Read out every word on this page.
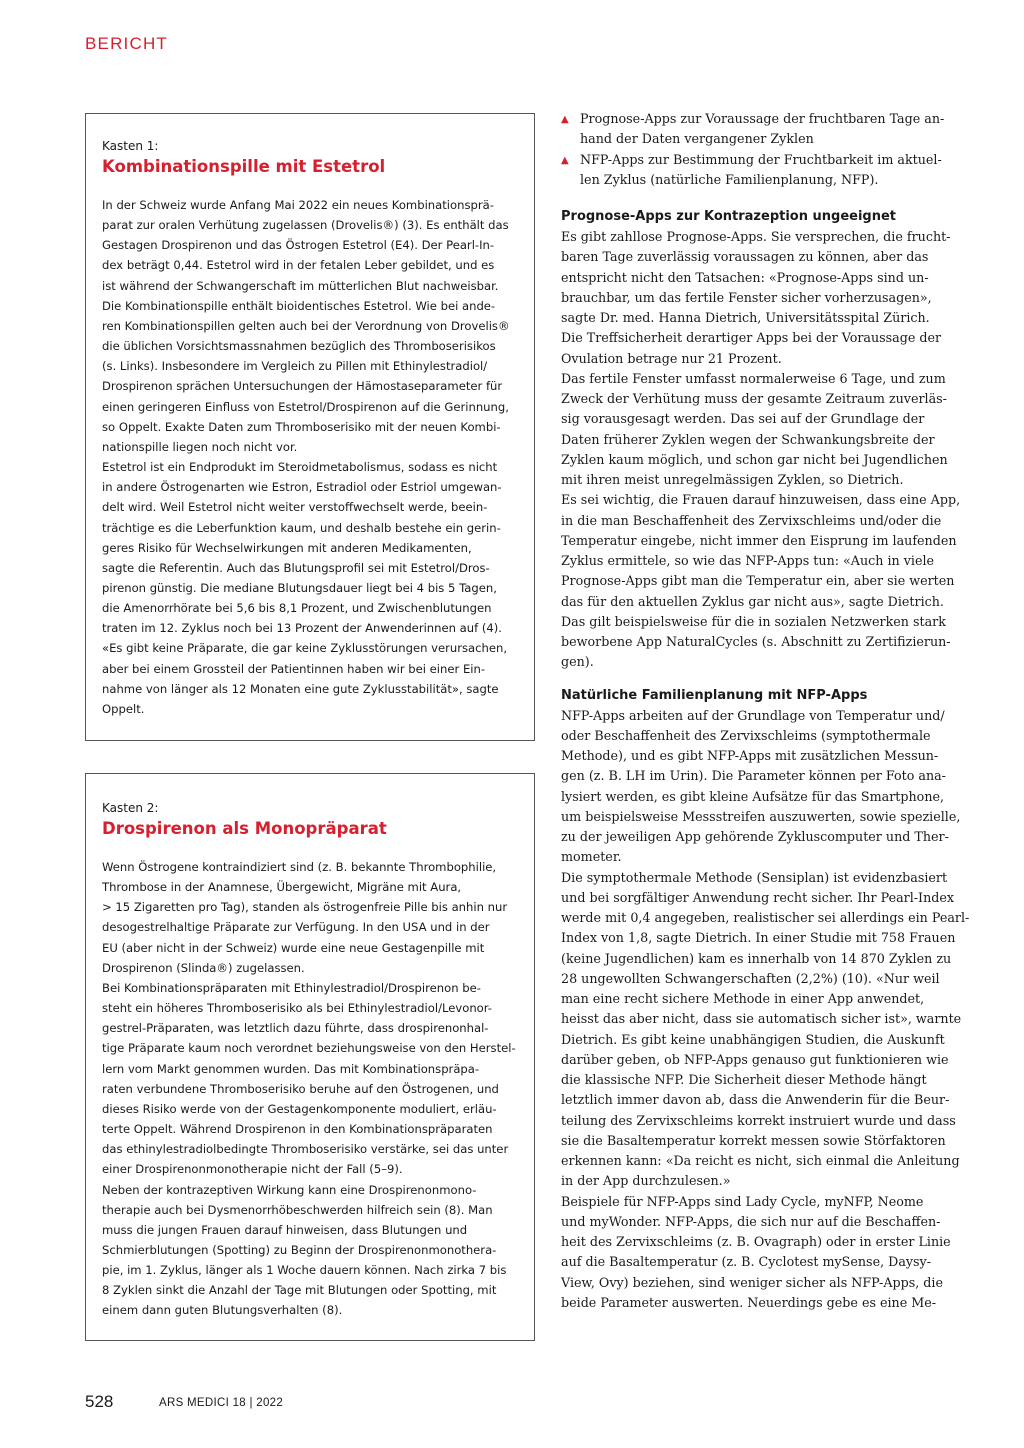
BERICHT
Kasten 1:
Kombinationspille mit Estetrol
In der Schweiz wurde Anfang Mai 2022 ein neues Kombinationsprä-
parat zur oralen Verhütung zugelassen (Drovelis®) (3). Es enthält das
Gestagen Drospirenon und das Östrogen Estetrol (E4). Der Pearl-In-
dex beträgt 0,44. Estetrol wird in der fetalen Leber gebildet, und es
ist während der Schwangerschaft im mütterlichen Blut nachweisbar.
Die Kombinationspille enthält bioidentisches Estetrol. Wie bei ande-
ren Kombinationspillen gelten auch bei der Verordnung von Drovelis®
die üblichen Vorsichtsmassnahmen bezüglich des Thromboserisikos
(s. Links). Insbesondere im Vergleich zu Pillen mit Ethinylestradiol/
Drospirenon sprächen Untersuchungen der Hämostaseparameter für
einen geringeren Einfluss von Estetrol/Drospirenon auf die Gerinnung,
so Oppelt. Exakte Daten zum Thromboserisiko mit der neuen Kombi-
nationspille liegen noch nicht vor.
Estetrol ist ein Endprodukt im Steroidmetabolismus, sodass es nicht
in andere Östrogenarten wie Estron, Estradiol oder Estriol umgewan-
delt wird. Weil Estetrol nicht weiter verstoffwechselt werde, beein-
trächtige es die Leberfunktion kaum, und deshalb bestehe ein gerin-
geres Risiko für Wechselwirkungen mit anderen Medikamenten,
sagte die Referentin. Auch das Blutungsprofil sei mit Estetrol/Dros-
pirenon günstig. Die mediane Blutungsdauer liegt bei 4 bis 5 Tagen,
die Amenorrhörate bei 5,6 bis 8,1 Prozent, und Zwischenblutungen
traten im 12. Zyklus noch bei 13 Prozent der Anwenderinnen auf (4).
«Es gibt keine Präparate, die gar keine Zyklusstörungen verursachen,
aber bei einem Grossteil der Patientinnen haben wir bei einer Ein-
nahme von länger als 12 Monaten eine gute Zyklusstabilität», sagte
Oppelt.
Kasten 2:
Drospirenon als Monopräparat
Wenn Östrogene kontraindiziert sind (z. B. bekannte Thrombophilie,
Thrombose in der Anamnese, Übergewicht, Migräne mit Aura,
> 15 Zigaretten pro Tag), standen als östrogenfreie Pille bis anhin nur
desogestrelhaltige Präparate zur Verfügung. In den USA und in der
EU (aber nicht in der Schweiz) wurde eine neue Gestagenpille mit
Drospirenon (Slinda®) zugelassen.
Bei Kombinationspräparaten mit Ethinylestradiol/Drospirenon be-
steht ein höheres Thromboserisiko als bei Ethinylestradiol/Levonor-
gestrel-Präparaten, was letztlich dazu führte, dass drospirenonhal-
tige Präparate kaum noch verordnet beziehungsweise von den Herstel-
lern vom Markt genommen wurden. Das mit Kombinationspräpa-
raten verbundene Thromboserisiko beruhe auf den Östrogenen, und
dieses Risiko werde von der Gestagenkomponente moduliert, erläu-
terte Oppelt. Während Drospirenon in den Kombinationspräparaten
das ethinylestradiolbedingte Thromboserisiko verstärke, sei das unter
einer Drospirenonmonotherapie nicht der Fall (5–9).
Neben der kontrazeptiven Wirkung kann eine Drospirenonmono-
therapie auch bei Dysmenorrhöbeschwerden hilfreich sein (8). Man
muss die jungen Frauen darauf hinweisen, dass Blutungen und
Schmierblutungen (Spotting) zu Beginn der Drospirenonmonothera-
pie, im 1. Zyklus, länger als 1 Woche dauern können. Nach zirka 7 bis
8 Zyklen sinkt die Anzahl der Tage mit Blutungen oder Spotting, mit
einem dann guten Blutungsverhalten (8).
▲ Prognose-Apps zur Voraussage der fruchtbaren Tage an-
hand der Daten vergangener Zyklen
▲ NFP-Apps zur Bestimmung der Fruchtbarkeit im aktuel-
len Zyklus (natürliche Familienplanung, NFP).
Prognose-Apps zur Kontrazeption ungeeignet
Es gibt zahllose Prognose-Apps. Sie versprechen, die frucht-
baren Tage zuverlässig voraussagen zu können, aber das
entspricht nicht den Tatsachen: «Prognose-Apps sind un-
brauchbar, um das fertile Fenster sicher vorherzusagen»,
sagte Dr. med. Hanna Dietrich, Universitätsspital Zürich.
Die Treffsicherheit derartiger Apps bei der Voraussage der
Ovulation betrage nur 21 Prozent.
Das fertile Fenster umfasst normalerweise 6 Tage, und zum
Zweck der Verhütung muss der gesamte Zeitraum zuverläs-
sig vorausgesagt werden. Das sei auf der Grundlage der
Daten früherer Zyklen wegen der Schwankungsbreite der
Zyklen kaum möglich, und schon gar nicht bei Jugendlichen
mit ihren meist unregelmässigen Zyklen, so Dietrich.
Es sei wichtig, die Frauen darauf hinzuweisen, dass eine App,
in die man Beschaffenheit des Zervixschleims und/oder die
Temperatur eingebe, nicht immer den Eisprung im laufenden
Zyklus ermittele, so wie das NFP-Apps tun: «Auch in viele
Prognose-Apps gibt man die Temperatur ein, aber sie werten
das für den aktuellen Zyklus gar nicht aus», sagte Dietrich.
Das gilt beispielsweise für die in sozialen Netzwerken stark
beworbene App NaturalCycles (s. Abschnitt zu Zertifizierun-
gen).
Natürliche Familienplanung mit NFP-Apps
NFP-Apps arbeiten auf der Grundlage von Temperatur und/
oder Beschaffenheit des Zervixschleims (symptothermale
Methode), und es gibt NFP-Apps mit zusätzlichen Messun-
gen (z. B. LH im Urin). Die Parameter können per Foto ana-
lysiert werden, es gibt kleine Aufsätze für das Smartphone,
um beispielsweise Messstreifen auszuwerten, sowie spezielle,
zu der jeweiligen App gehörende Zykluscomputer und Ther-
mometer.
Die symptothermale Methode (Sensiplan) ist evidenzbasiert
und bei sorgfältiger Anwendung recht sicher. Ihr Pearl-Index
werde mit 0,4 angegeben, realistischer sei allerdings ein Pearl-
Index von 1,8, sagte Dietrich. In einer Studie mit 758 Frauen
(keine Jugendlichen) kam es innerhalb von 14 870 Zyklen zu
28 ungewollten Schwangerschaften (2,2%) (10). «Nur weil
man eine recht sichere Methode in einer App anwendet,
heisst das aber nicht, dass sie automatisch sicher ist», warnte
Dietrich. Es gibt keine unabhängigen Studien, die Auskunft
darüber geben, ob NFP-Apps genauso gut funktionieren wie
die klassische NFP. Die Sicherheit dieser Methode hängt
letztlich immer davon ab, dass die Anwenderin für die Beur-
teilung des Zervixschleims korrekt instruiert wurde und dass
sie die Basaltemperatur korrekt messen sowie Störfaktoren
erkennen kann: «Da reicht es nicht, sich einmal die Anleitung
in der App durchzulesen.»
Beispiele für NFP-Apps sind Lady Cycle, myNFP, Neome
und myWonder. NFP-Apps, die sich nur auf die Beschaffen-
heit des Zervixschleims (z. B. Ovagraph) oder in erster Linie
auf die Basaltemperatur (z. B. Cyclotest mySense, Daysy-
View, Ovy) beziehen, sind weniger sicher als NFP-Apps, die
beide Parameter auswerten. Neuerdings gebe es eine Me-
528	ARS MEDICI 18 | 2022
